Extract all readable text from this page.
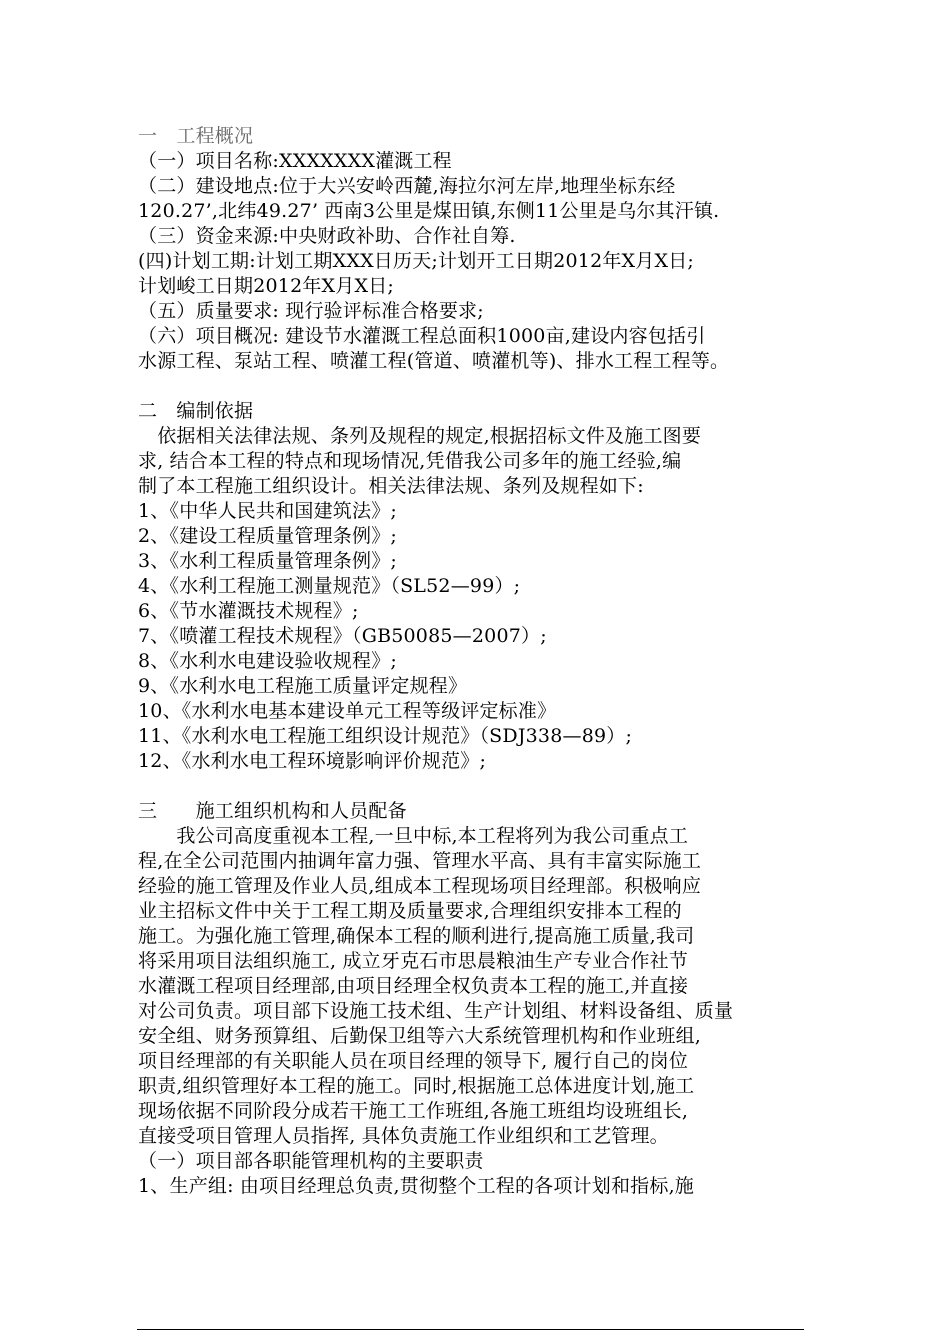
一　工程概况
（一）项目名称:XXXXXXX灌溉工程
（二）建设地点:位于大兴安岭西麓,海拉尔河左岸,地理坐标东经
120.27’,北纬49.27’ 西南3公里是煤田镇,东侧11公里是乌尔其汗镇.
（三）资金来源:中央财政补助、合作社自筹.
(四)计划工期:计划工期XXX日历天;计划开工日期2012年X月X日;
计划峻工日期2012年X月X日;
（五）质量要求: 现行验评标准合格要求;
（六）项目概况: 建设节水灌溉工程总面积1000亩,建设内容包括引
水源工程、泵站工程、喷灌工程(管道、喷灌机等)、排水工程工程等。
二　编制依据
　依据相关法律法规、条列及规程的规定,根据招标文件及施工图要
求, 结合本工程的特点和现场情况,凭借我公司多年的施工经验,编
制了本工程施工组织设计。相关法律法规、条列及规程如下:
1、《中华人民共和国建筑法》;
2、《建设工程质量管理条例》;
3、《水利工程质量管理条例》;
4、《水利工程施工测量规范》（SL52—99）;
6、《节水灌溉技术规程》;
7、《喷灌工程技术规程》（GB50085—2007）;
8、《水利水电建设验收规程》;
9、《水利水电工程施工质量评定规程》
10、《水利水电基本建设单元工程等级评定标准》
11、《水利水电工程施工组织设计规范》（SDJ338—89）;
12、《水利水电工程环境影响评价规范》;
三　　施工组织机构和人员配备
　　我公司高度重视本工程,一旦中标,本工程将列为我公司重点工
程,在全公司范围内抽调年富力强、管理水平高、具有丰富实际施工
经验的施工管理及作业人员,组成本工程现场项目经理部。积极响应
业主招标文件中关于工程工期及质量要求,合理组织安排本工程的
施工。为强化施工管理,确保本工程的顺利进行,提高施工质量,我司
将采用项目法组织施工, 成立牙克石市思晨粮油生产专业合作社节
水灌溉工程项目经理部,由项目经理全权负责本工程的施工,并直接
对公司负责。项目部下设施工技术组、生产计划组、材料设备组、质量
安全组、财务预算组、后勤保卫组等六大系统管理机构和作业班组,
项目经理部的有关职能人员在项目经理的领导下, 履行自己的岗位
职责,组织管理好本工程的施工。同时,根据施工总体进度计划,施工
现场依据不同阶段分成若干施工工作班组,各施工班组均设班组长,
直接受项目管理人员指挥, 具体负责施工作业组织和工艺管理。
（一）项目部各职能管理机构的主要职责
1、生产组: 由项目经理总负责,贯彻整个工程的各项计划和指标,施
